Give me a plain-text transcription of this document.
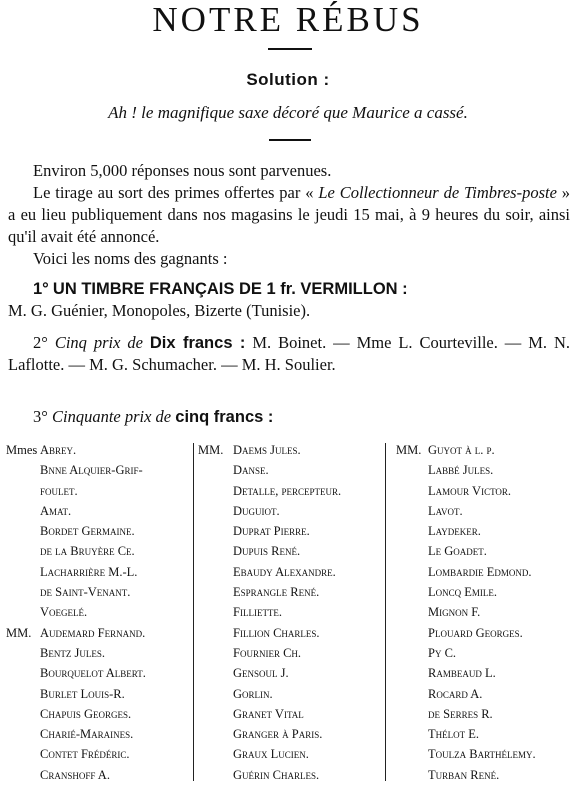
NOTRE RÉBUS
Solution :
Ah ! le magnifique saxe décoré que Maurice a cassé.
Environ 5,000 réponses nous sont parvenues.
Le tirage au sort des primes offertes par « Le Collectionneur de Timbres-poste » a eu lieu publiquement dans nos magasins le jeudi 15 mai, à 9 heures du soir, ainsi qu'il avait été annoncé.
Voici les noms des gagnants :
1° UN TIMBRE FRANÇAIS DE 1 fr. VERMILLON :
M. G. Guénier, Monopoles, Bizerte (Tunisie).
2° Cinq prix de Dix francs : M. Boinet. — Mme L. Courteville. — M. N. Laflotte. — M. G. Schumacher. — M. H. Soulier.
3° Cinquante prix de cinq francs :
Mmes Abrey.
Bnne Alquier-Grif-
foulet.
Amat.
Bordet Germaine.
de la Bruyère Ce.
Lacharrière M.-L.
de Saint-Venant.
Voegelé.
MM. Audemard Fernand.
Bentz Jules.
Bourquelot Albert.
Burlet Louis-R.
Chapuis Georges.
Charié-Maraines.
Contet Frédéric.
Cranshoff A.
MM. Daems Jules.
Danse.
Detalle, percepteur.
Duguiot.
Duprat Pierre.
Dupuis René.
Ebaudy Alexandre.
Esprangle René.
Filliette.
Fillion Charles.
Fournier Ch.
Gensoul J.
Gorlin.
Granet Vital
Granger à Paris.
Graux Lucien.
Guérin Charles.
MM. Guyot à l. p.
Labbé Jules.
Lamour Victor.
Lavot.
Laydeker.
Le Goadet.
Lombardie Edmond.
Loncq Emile.
Mignon F.
Plouard Georges.
Py C.
Rambeaud L.
Rocard A.
de Serres R.
Thélot E.
Toulza Barthélemy.
Turban René.
